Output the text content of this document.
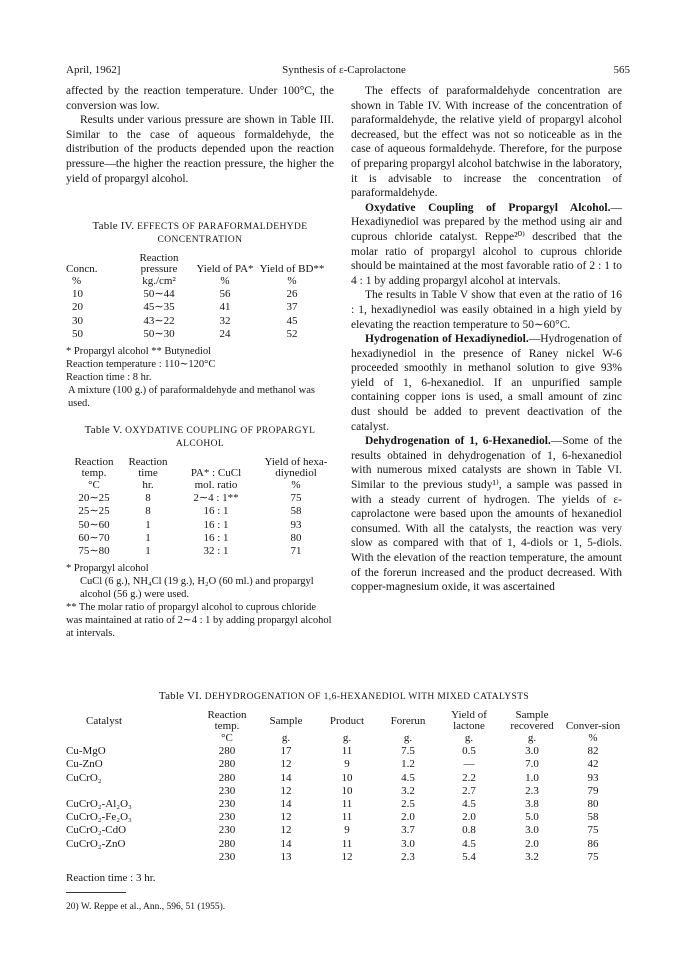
April, 1962]	Synthesis of ε-Caprolactone	565

affected by the reaction temperature. Under 100°C, the conversion was low.

Results under various pressure are shown in Table III. Similar to the case of aqueous formaldehyde, the distribution of the products depended upon the reaction pressure—the higher the reaction pressure, the higher the yield of propargyl alcohol.

Table IV. EFFECTS OF PARAFORMALDEHYDE CONCENTRATION
Concn.	Reaction pressure	Yield of PA*	Yield of BD**
%	kg./cm²	%	%
10	50∼44	56	26
20	45∼35	41	37
30	43∼22	32	45
50	50∼30	24	52
* Propargyl alcohol ** Butynediol
Reaction temperature : 110∼120°C
Reaction time : 8 hr.
A mixture (100 g.) of paraformaldehyde and methanol was used.
Table V. OXYDATIVE COUPLING OF PROPARGYL ALCOHOL
Reaction temp.	Reaction time	PA* : CuCl	Yield of hexa-diynediol
°C	hr.	mol. ratio	%
20∼25	8	2∼4 : 1**	75
25∼25	8	16 : 1	58
50∼60	1	16 : 1	93
60∼70	1	16 : 1	80
75∼80	1	32 : 1	71
* Propargyl alcohol
CuCl (6 g.), NH₄Cl (19 g.), H₂O (60 ml.) and propargyl alcohol (56 g.) were used.
** The molar ratio of propargyl alcohol to cuprous chloride was maintained at ratio of 2∼4 : 1 by adding propargyl alcohol at intervals.

The effects of paraformaldehyde concentration are shown in Table IV. With increase of the concentration of paraformaldehyde, the relative yield of propargyl alcohol decreased, but the effect was not so noticeable as in the case of aqueous formaldehyde. Therefore, for the purpose of preparing propargyl alcohol batchwise in the laboratory, it is advisable to increase the concentration of paraformaldehyde.

Oxydative Coupling of Propargyl Alcohol.—Hexadiynediol was prepared by the method using air and cuprous chloride catalyst. Reppe²⁰⁾ described that the molar ratio of propargyl alcohol to cuprous chloride should be maintained at the most favorable ratio of 2 : 1 to 4 : 1 by adding propargyl alcohol at intervals.

The results in Table V show that even at the ratio of 16 : 1, hexadiynediol was easily obtained in a high yield by elevating the reaction temperature to 50∼60°C.

Hydrogenation of Hexadiynediol.—Hydrogenation of hexadiynediol in the presence of Raney nickel W-6 proceeded smoothly in methanol solution to give 93% yield of 1, 6-hexanediol. If an unpurified sample containing copper ions is used, a small amount of zinc dust should be added to prevent deactivation of the catalyst.

Dehydrogenation of 1, 6-Hexanediol.—Some of the results obtained in dehydrogenation of 1, 6-hexanediol with numerous mixed catalysts are shown in Table VI. Similar to the previous study¹⁾, a sample was passed in with a steady current of hydrogen. The yields of ε-caprolactone were based upon the amounts of hexanediol consumed. With all the catalysts, the reaction was very slow as compared with that of 1, 4-diols or 1, 5-diols. With the elevation of the reaction temperature, the amount of the forerun increased and the product decreased. With copper-magnesium oxide, it was ascertained

Table VI. DEHYDROGENATION OF 1,6-HEXANEDIOL WITH MIXED CATALYSTS
Catalyst	Reaction temp.	Sample	Product	Forerun	Yield of lactone	Sample recovered	Conver-sion
	°C	g.	g.	g.	g.	g.	%
Cu-MgO	280	17	11	7.5	0.5	3.0	82
Cu-ZnO	280	12	9	1.2	—	7.0	42
CuCrO₂	280	14	10	4.5	2.2	1.0	93
	230	12	10	3.2	2.7	2.3	79
CuCrO₂-Al₂O₃	230	14	11	2.5	4.5	3.8	80
CuCrO₂-Fe₂O₃	230	12	11	2.0	2.0	5.0	58
CuCrO₂-CdO	230	12	9	3.7	0.8	3.0	75
CuCrO₂-ZnO	280	14	11	3.0	4.5	2.0	86
	230	13	12	2.3	5.4	3.2	75
Reaction time : 3 hr.
20) W. Reppe et al., Ann., 596, 51 (1955).
